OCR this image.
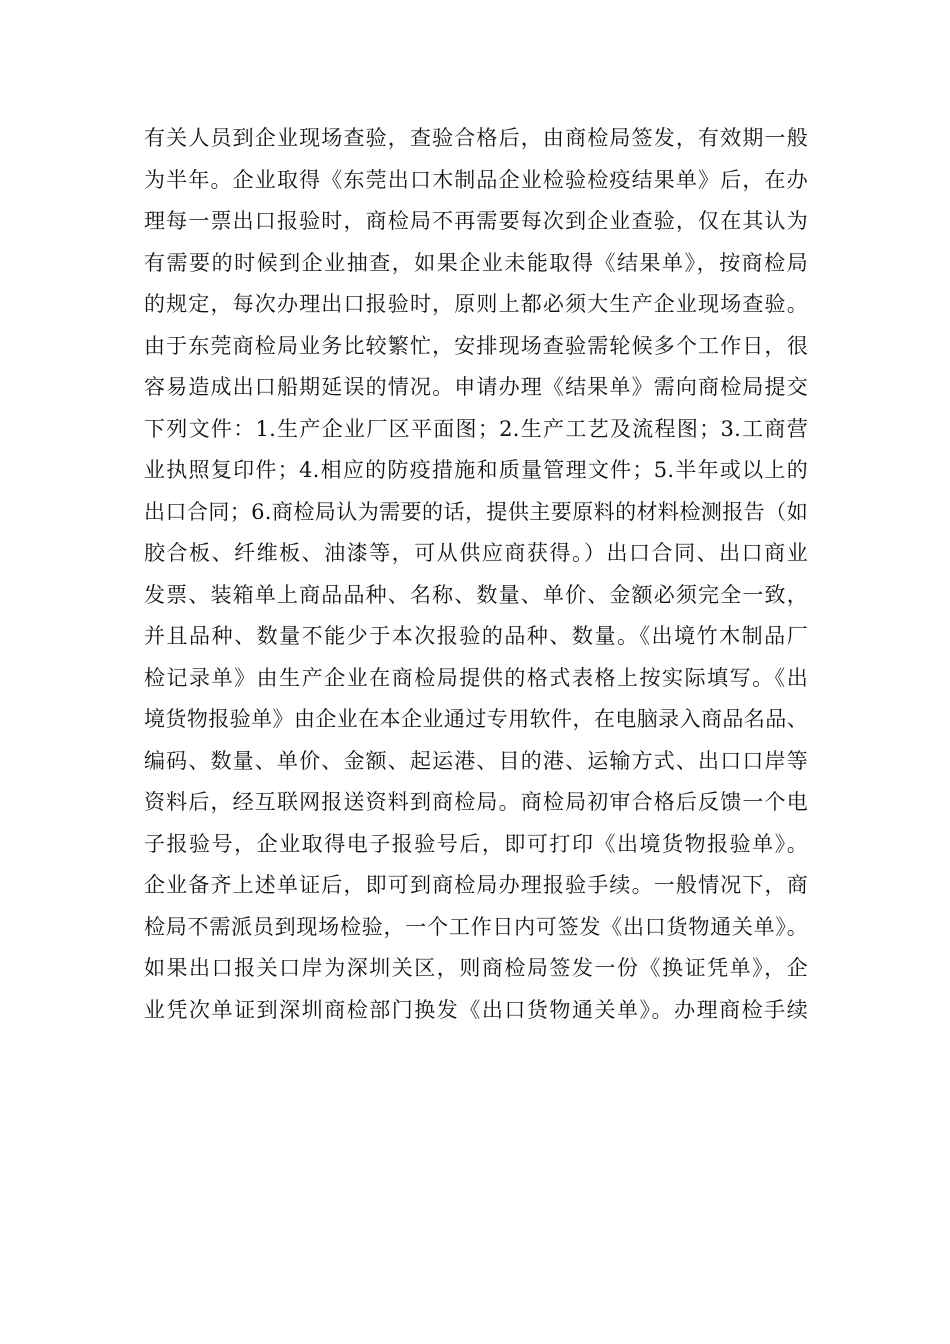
有关人员到企业现场查验，查验合格后，由商检局签发，有效期一般
为半年。企业取得《东莞出口木制品企业检验检疫结果单》后，在办
理每一票出口报验时，商检局不再需要每次到企业查验，仅在其认为
有需要的时候到企业抽查，如果企业未能取得《结果单》，按商检局
的规定，每次办理出口报验时，原则上都必须大生产企业现场查验。
由于东莞商检局业务比较繁忙，安排现场查验需轮候多个工作日，很
容易造成出口船期延误的情况。申请办理《结果单》需向商检局提交
下列文件：1.生产企业厂区平面图；2.生产工艺及流程图；3.工商营
业执照复印件；4.相应的防疫措施和质量管理文件；5.半年或以上的
出口合同；6.商检局认为需要的话，提供主要原料的材料检测报告（如
胶合板、纤维板、油漆等，可从供应商获得。）出口合同、出口商业
发票、装箱单上商品品种、名称、数量、单价、金额必须完全一致，
并且品种、数量不能少于本次报验的品种、数量。《出境竹木制品厂
检记录单》由生产企业在商检局提供的格式表格上按实际填写。《出
境货物报验单》由企业在本企业通过专用软件，在电脑录入商品名品、
编码、数量、单价、金额、起运港、目的港、运输方式、出口口岸等
资料后，经互联网报送资料到商检局。商检局初审合格后反馈一个电
子报验号，企业取得电子报验号后，即可打印《出境货物报验单》。
企业备齐上述单证后，即可到商检局办理报验手续。一般情况下，商
检局不需派员到现场检验，一个工作日内可签发《出口货物通关单》。
如果出口报关口岸为深圳关区，则商检局签发一份《换证凭单》，企
业凭次单证到深圳商检部门换发《出口货物通关单》。办理商检手续
